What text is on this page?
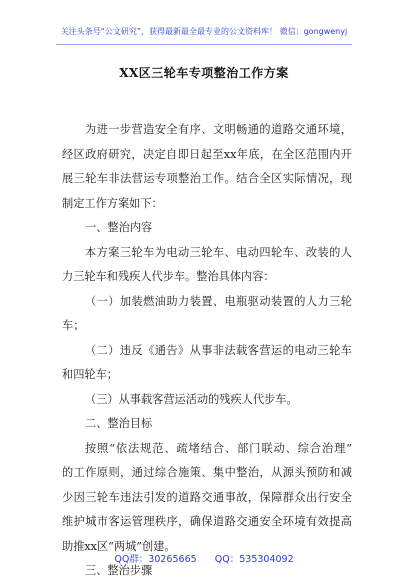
关注头条号“公文研究”，获得最新最全最专业的公文资料库！ 微信：gongwenyj
XX区三轮车专项整治工作方案
为进一步营造安全有序、文明畅通的道路交通环境，
经区政府研究，决定自即日起至xx年底，在全区范围内开
展三轮车非法营运专项整治工作。结合全区实际情况，现
制定工作方案如下：
一、整治内容
本方案三轮车为电动三轮车、电动四轮车、改装的人
力三轮车和残疾人代步车。整治具体内容：
（一）加装燃油助力装置、电瓶驱动装置的人力三轮
车；
（二）违反《通告》从事非法载客营运的电动三轮车
和四轮车；
（三）从事载客营运活动的残疾人代步车。
二、整治目标
按照“依法规范、疏堵结合、部门联动、综合治理”
的工作原则，通过综合施策、集中整治，从源头预防和减
少因三轮车违法引发的道路交通事故，保障群众出行安全
维护城市客运管理秩序，确保道路交通安全环境有效提高
助推xx区“两城”创建。
三、整治步骤
QQ群：30265665 QQ：535304092
